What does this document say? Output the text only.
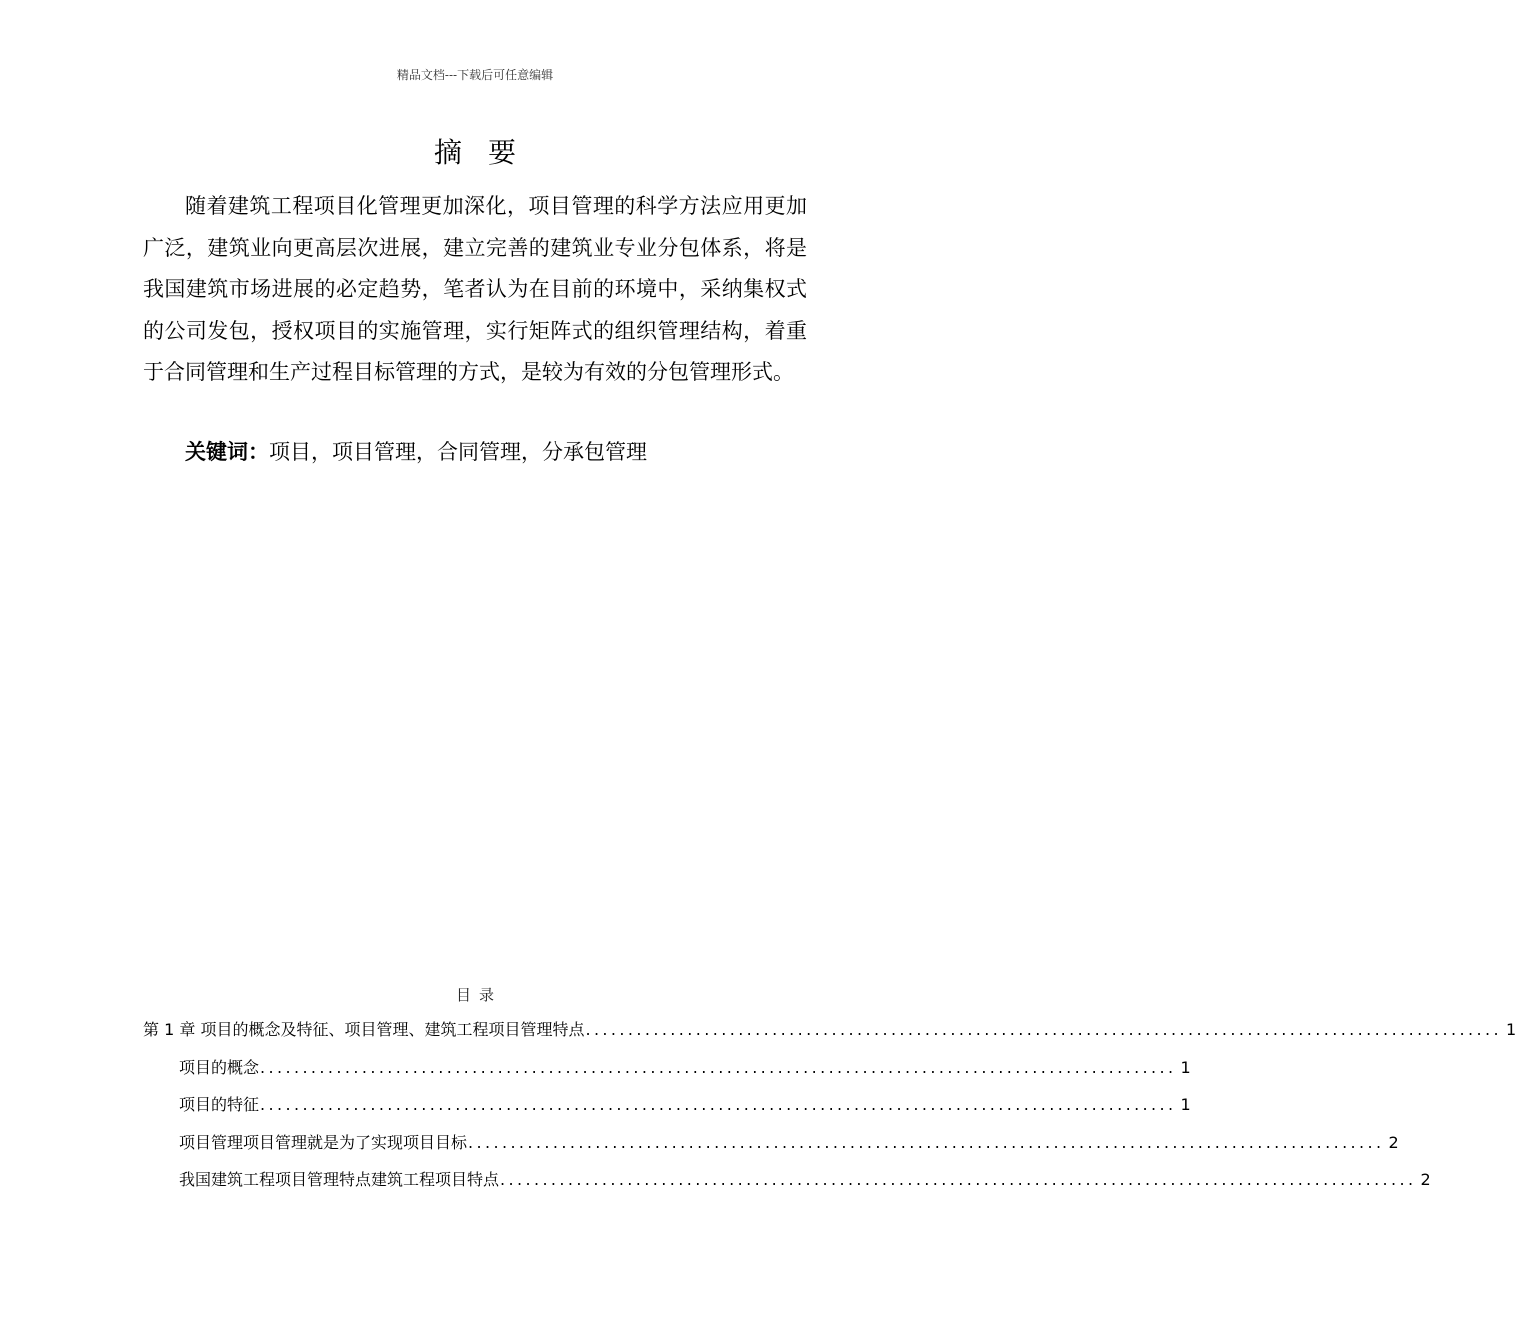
精品文档---下载后可任意编辑
摘要

随着建筑工程项目化管理更加深化，项目管理的科学方法应用更加广泛，建筑业向更高层次进展，建立完善的建筑业专业分包体系，将是我国建筑市场进展的必定趋势，笔者认为在目前的环境中，采纳集权式的公司发包，授权项目的实施管理，实行矩阵式的组织管理结构，着重于合同管理和生产过程目标管理的方式，是较为有效的分包管理形式。

关键词：项目，项目管理，合同管理，分承包管理
目录
第 1 章 项目的概念及特征、项目管理、建筑工程项目管理特点 ............................................................................................................ 1
项目的概念 ............................................................................................................ 1
项目的特征 ............................................................................................................ 1
项目管理项目管理就是为了实现项目目标 ............................................................................................................ 2
我国建筑工程项目管理特点建筑工程项目特点 ............................................................................................................ 2
